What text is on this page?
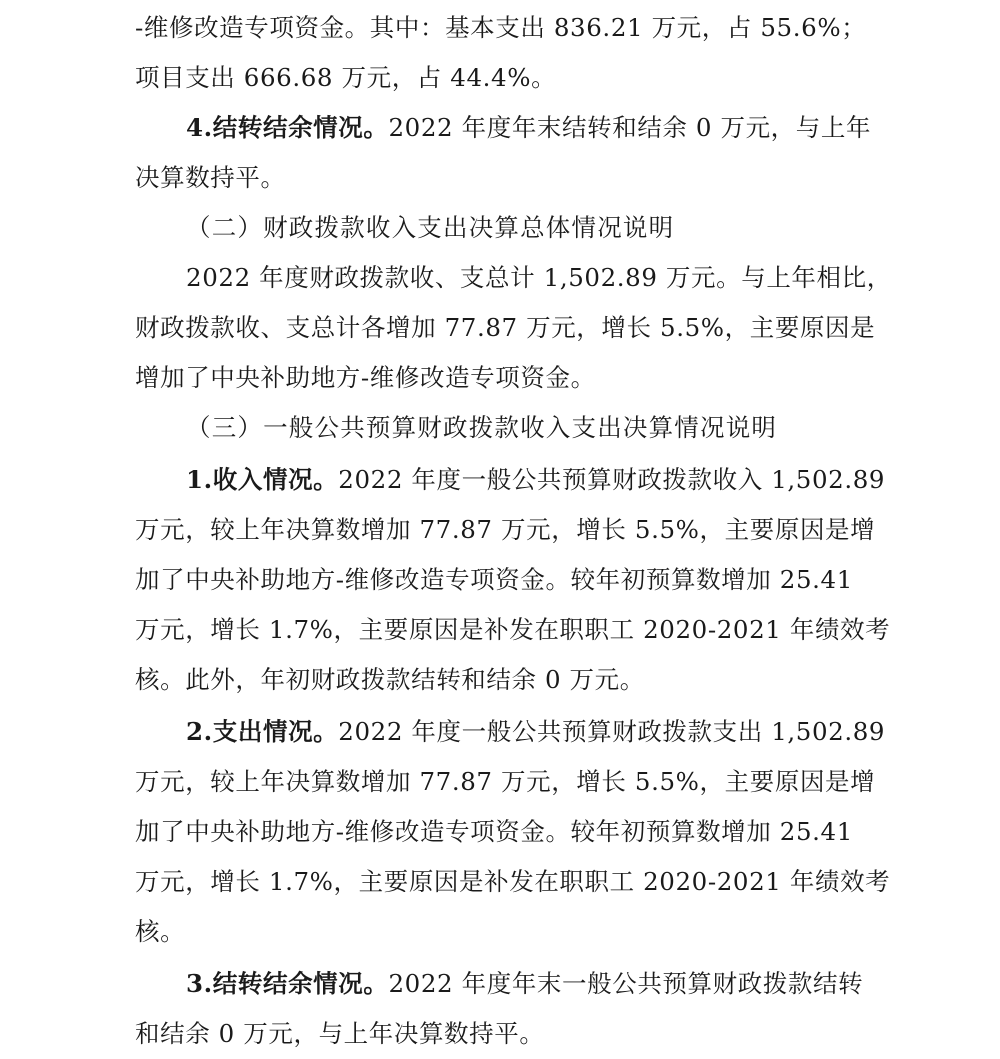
-维修改造专项资金。其中：基本支出 836.21 万元，占 55.6%；
项目支出 666.68 万元，占 44.4%。
4.结转结余情况。2022 年度年末结转和结余 0 万元，与上年
决算数持平。
（二）财政拨款收入支出决算总体情况说明
2022 年度财政拨款收、支总计 1,502.89 万元。与上年相比，
财政拨款收、支总计各增加 77.87 万元，增长 5.5%，主要原因是
增加了中央补助地方-维修改造专项资金。
（三）一般公共预算财政拨款收入支出决算情况说明
1.收入情况。2022 年度一般公共预算财政拨款收入 1,502.89
万元，较上年决算数增加 77.87 万元，增长 5.5%，主要原因是增
加了中央补助地方-维修改造专项资金。较年初预算数增加 25.41
万元，增长 1.7%，主要原因是补发在职职工 2020-2021 年绩效考
核。此外，年初财政拨款结转和结余 0 万元。
2.支出情况。2022 年度一般公共预算财政拨款支出 1,502.89
万元，较上年决算数增加 77.87 万元，增长 5.5%，主要原因是增
加了中央补助地方-维修改造专项资金。较年初预算数增加 25.41
万元，增长 1.7%，主要原因是补发在职职工 2020-2021 年绩效考
核。
3.结转结余情况。2022 年度年末一般公共预算财政拨款结转
和结余 0 万元，与上年决算数持平。
